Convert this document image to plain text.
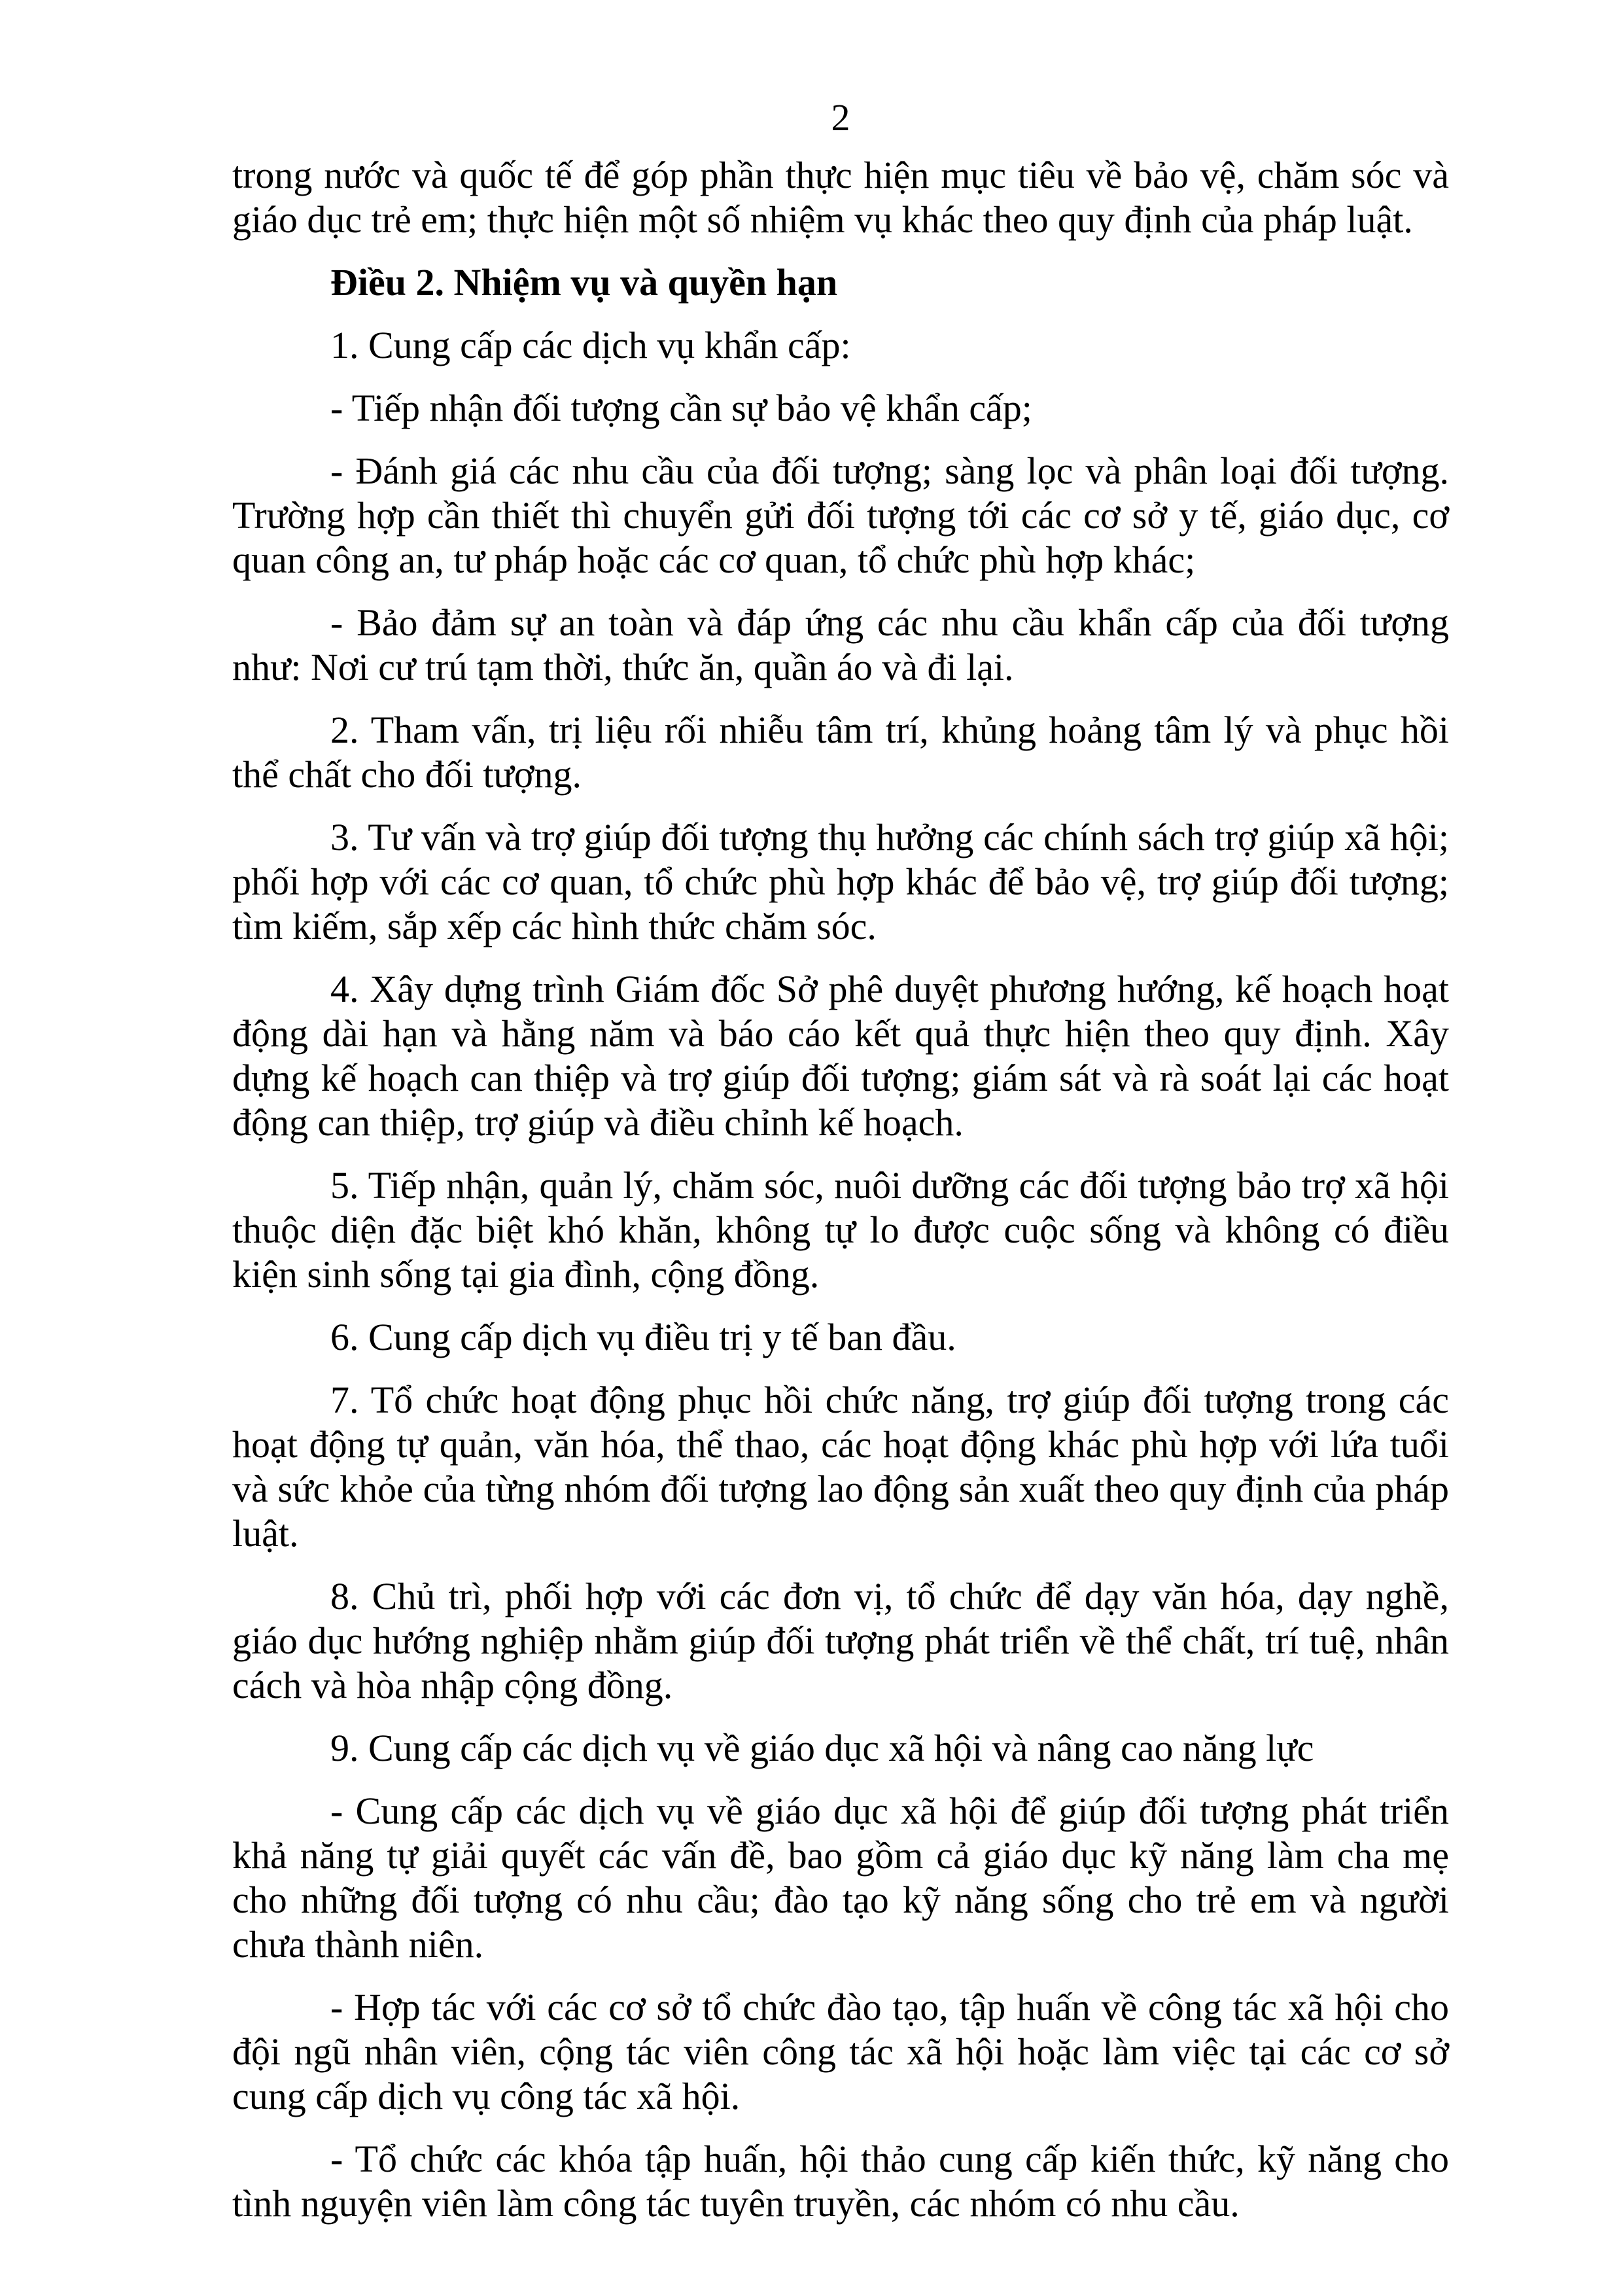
2

trong nước và quốc tế để góp phần thực hiện mục tiêu về bảo vệ, chăm sóc và giáo dục trẻ em; thực hiện một số nhiệm vụ khác theo quy định của pháp luật.

Điều 2. Nhiệm vụ và quyền hạn

1. Cung cấp các dịch vụ khẩn cấp:

- Tiếp nhận đối tượng cần sự bảo vệ khẩn cấp;

- Đánh giá các nhu cầu của đối tượng; sàng lọc và phân loại đối tượng. Trường hợp cần thiết thì chuyển gửi đối tượng tới các cơ sở y tế, giáo dục, cơ quan công an, tư pháp hoặc các cơ quan, tổ chức phù hợp khác;

- Bảo đảm sự an toàn và đáp ứng các nhu cầu khẩn cấp của đối tượng như: Nơi cư trú tạm thời, thức ăn, quần áo và đi lại.

2. Tham vấn, trị liệu rối nhiễu tâm trí, khủng hoảng tâm lý và phục hồi thể chất cho đối tượng.

3. Tư vấn và trợ giúp đối tượng thụ hưởng các chính sách trợ giúp xã hội; phối hợp với các cơ quan, tổ chức phù hợp khác để bảo vệ, trợ giúp đối tượng; tìm kiếm, sắp xếp các hình thức chăm sóc.

4. Xây dựng trình Giám đốc Sở phê duyệt phương hướng, kế hoạch hoạt động dài hạn và hằng năm và báo cáo kết quả thực hiện theo quy định. Xây dựng kế hoạch can thiệp và trợ giúp đối tượng; giám sát và rà soát lại các hoạt động can thiệp, trợ giúp và điều chỉnh kế hoạch.

5. Tiếp nhận, quản lý, chăm sóc, nuôi dưỡng các đối tượng bảo trợ xã hội thuộc diện đặc biệt khó khăn, không tự lo được cuộc sống và không có điều kiện sinh sống tại gia đình, cộng đồng.

6. Cung cấp dịch vụ điều trị y tế ban đầu.

7. Tổ chức hoạt động phục hồi chức năng, trợ giúp đối tượng trong các hoạt động tự quản, văn hóa, thể thao, các hoạt động khác phù hợp với lứa tuổi và sức khỏe của từng nhóm đối tượng lao động sản xuất theo quy định của pháp luật.

8. Chủ trì, phối hợp với các đơn vị, tổ chức để dạy văn hóa, dạy nghề, giáo dục hướng nghiệp nhằm giúp đối tượng phát triển về thể chất, trí tuệ, nhân cách và hòa nhập cộng đồng.

9. Cung cấp các dịch vụ về giáo dục xã hội và nâng cao năng lực

- Cung cấp các dịch vụ về giáo dục xã hội để giúp đối tượng phát triển khả năng tự giải quyết các vấn đề, bao gồm cả giáo dục kỹ năng làm cha mẹ cho những đối tượng có nhu cầu; đào tạo kỹ năng sống cho trẻ em và người chưa thành niên.

- Hợp tác với các cơ sở tổ chức đào tạo, tập huấn về công tác xã hội cho đội ngũ nhân viên, cộng tác viên công tác xã hội hoặc làm việc tại các cơ sở cung cấp dịch vụ công tác xã hội.

- Tổ chức các khóa tập huấn, hội thảo cung cấp kiến thức, kỹ năng cho tình nguyện viên làm công tác tuyên truyền, các nhóm có nhu cầu.
